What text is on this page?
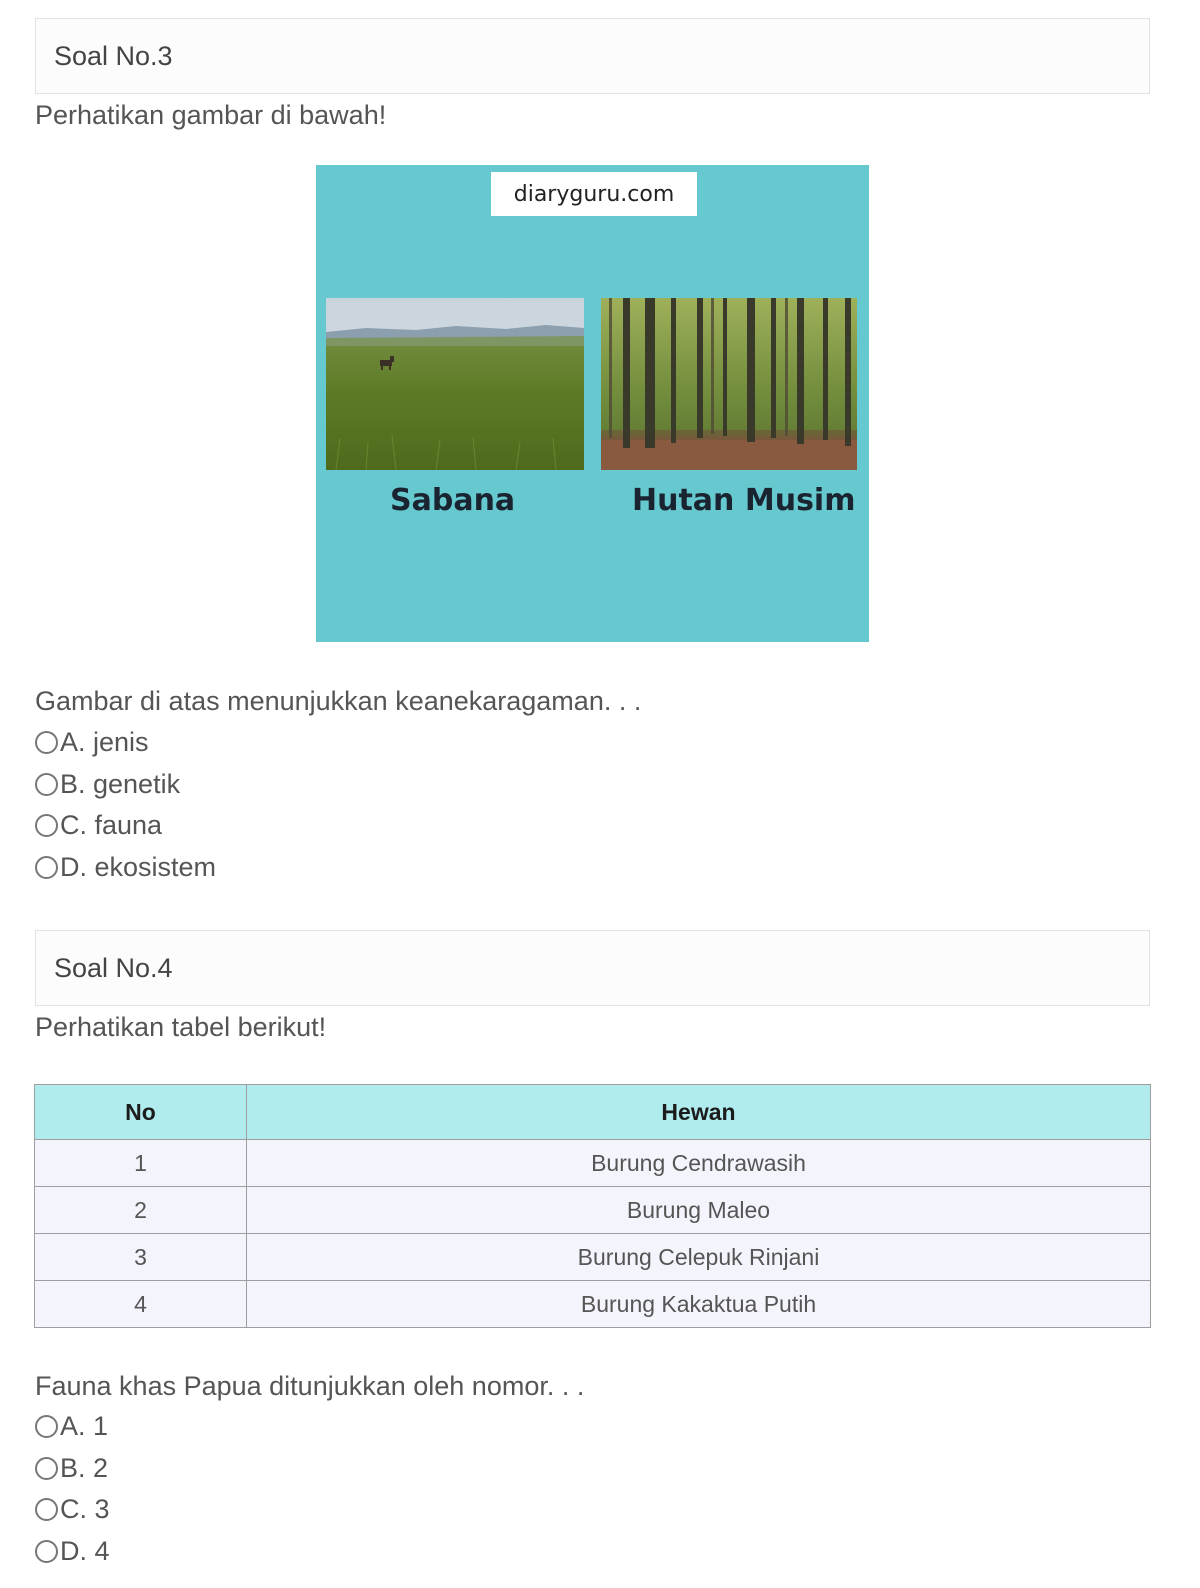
Soal No.3
Perhatikan gambar di bawah!
diaryguru.com
Sabana	Hutan Musim
Gambar di atas menunjukkan keanekaragaman. . .
A. jenis
B. genetik
C. fauna
D. ekosistem
Soal No.4
Perhatikan tabel berikut!
No	Hewan
1	Burung Cendrawasih
2	Burung Maleo
3	Burung Celepuk Rinjani
4	Burung Kakaktua Putih
Fauna khas Papua ditunjukkan oleh nomor. . .
A. 1
B. 2
C. 3
D. 4
